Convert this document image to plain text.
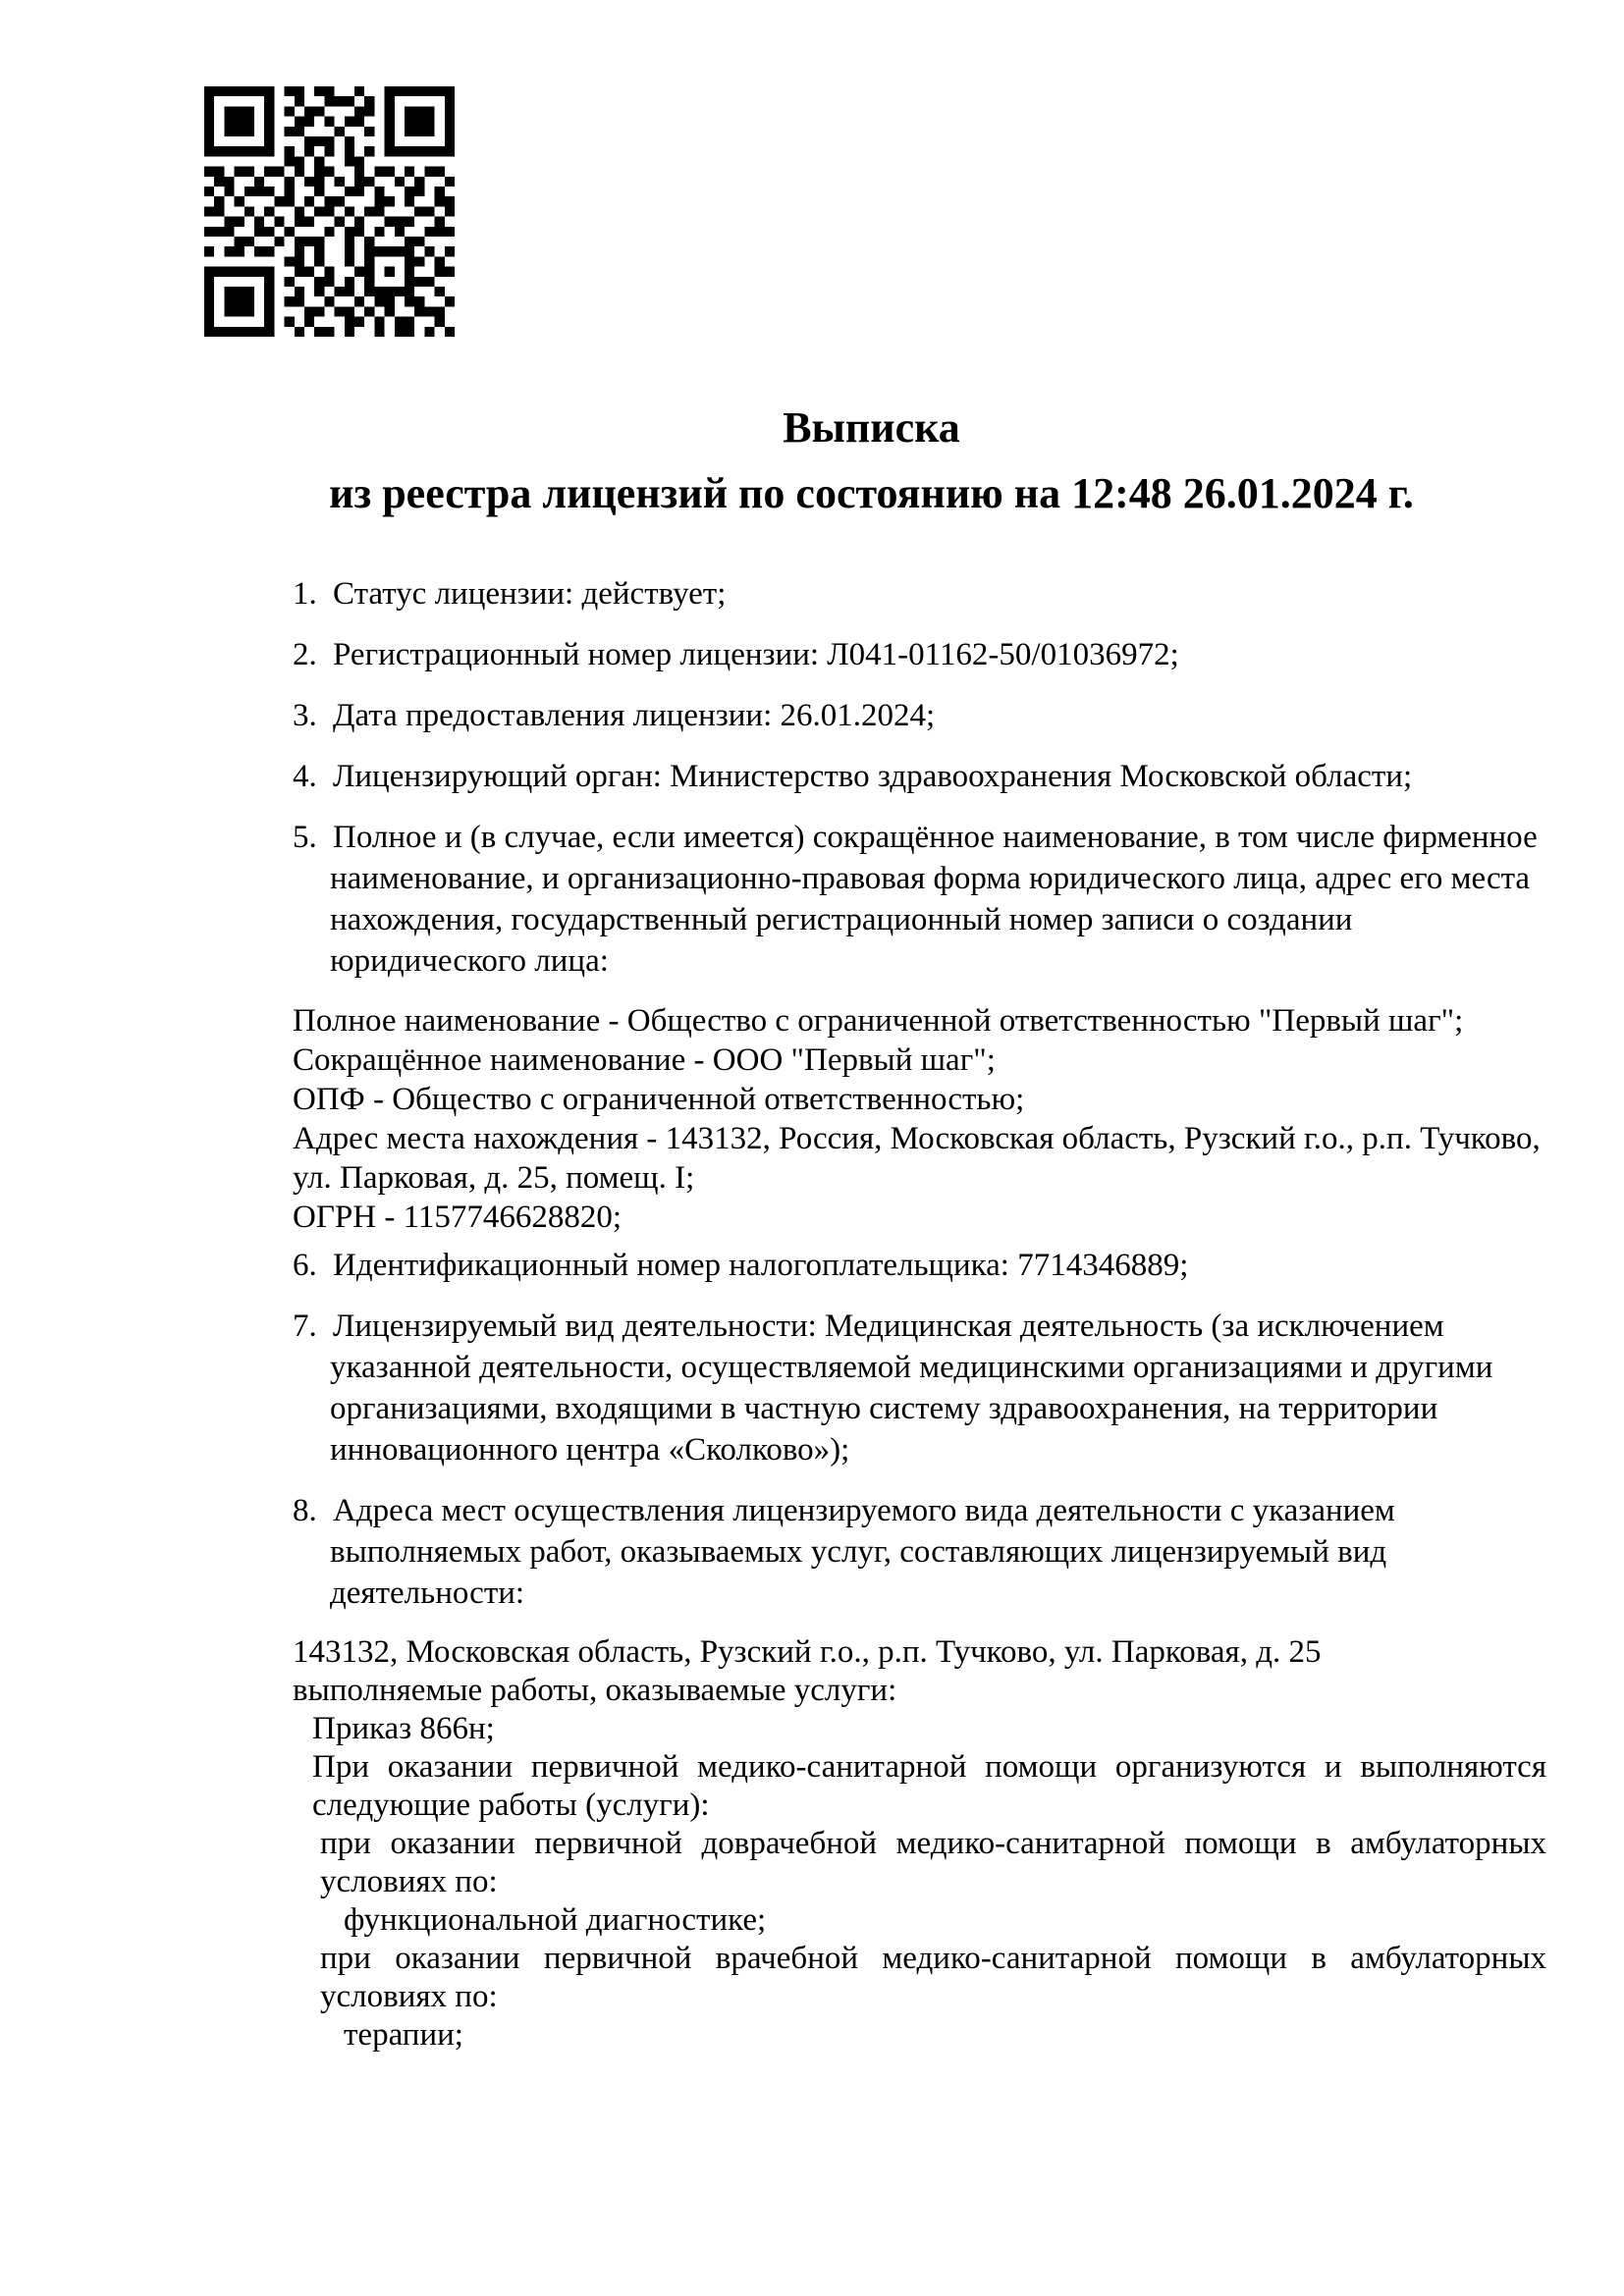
Выписка
из реестра лицензий по состоянию на 12:48 26.01.2024 г.

1. Статус лицензии: действует;

2. Регистрационный номер лицензии: Л041-01162-50/01036972;

3. Дата предоставления лицензии: 26.01.2024;

4. Лицензирующий орган: Министерство здравоохранения Московской области;

5. Полное и (в случае, если имеется) сокращённое наименование, в том числе фирменное наименование, и организационно-правовая форма юридического лица, адрес его места нахождения, государственный регистрационный номер записи о создании юридического лица:

Полное наименование - Общество с ограниченной ответственностью "Первый шаг";

Сокращённое наименование - ООО "Первый шаг";

ОПФ - Общество с ограниченной ответственностью;

Адрес места нахождения - 143132, Россия, Московская область, Рузский г.о., р.п. Тучково, ул. Парковая, д. 25, помещ. I;

ОГРН - 1157746628820;

6. Идентификационный номер налогоплательщика: 7714346889;

7. Лицензируемый вид деятельности: Медицинская деятельность (за исключением указанной деятельности, осуществляемой медицинскими организациями и другими организациями, входящими в частную систему здравоохранения, на территории инновационного центра «Сколково»);

8. Адреса мест осуществления лицензируемого вида деятельности с указанием выполняемых работ, оказываемых услуг, составляющих лицензируемый вид деятельности:

143132, Московская область, Рузский г.о., р.п. Тучково, ул. Парковая, д. 25

выполняемые работы, оказываемые услуги:

Приказ 866н;

При оказании первичной медико-санитарной помощи организуются и выполняются следующие работы (услуги):

при оказании первичной доврачебной медико-санитарной помощи в амбулаторных условиях по:

функциональной диагностике;

при оказании первичной врачебной медико-санитарной помощи в амбулаторных условиях по:

терапии;
